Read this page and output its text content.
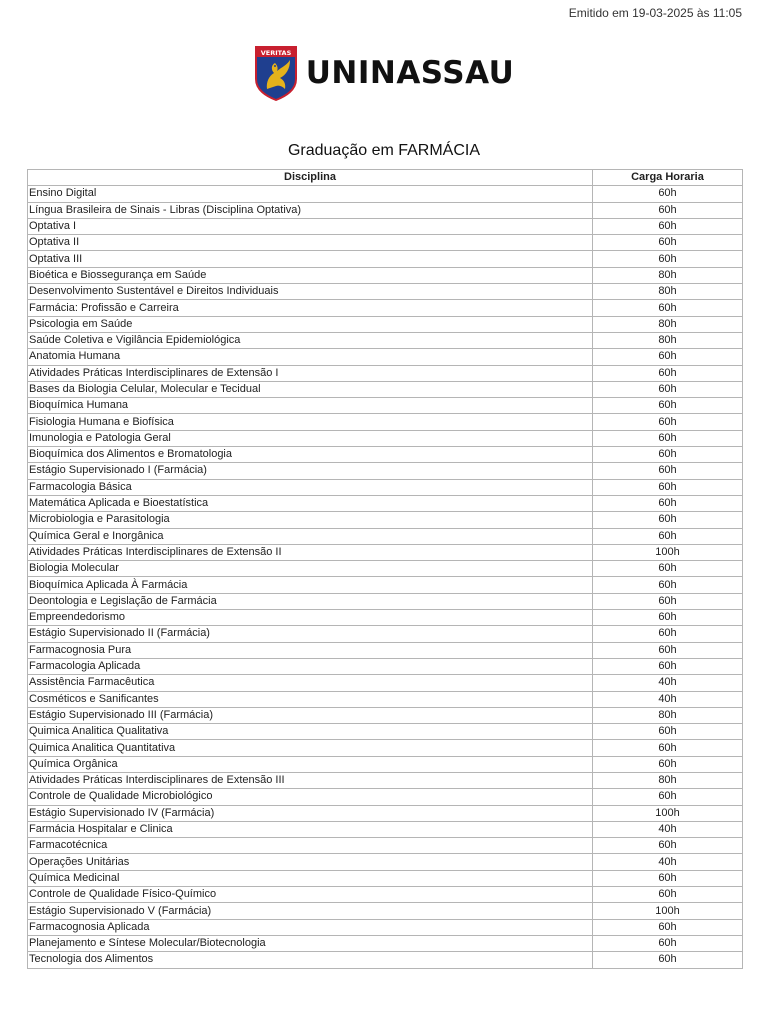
Emitido em 19-03-2025 às 11:05
VERITAS
UNINASSAU
Graduação em FARMÁCIA
Disciplina	Carga Horaria
Ensino Digital	60h
Língua Brasileira de Sinais - Libras (Disciplina Optativa)	60h
Optativa I	60h
Optativa II	60h
Optativa III	60h
Bioética e Biossegurança em Saúde	80h
Desenvolvimento Sustentável e Direitos Individuais	80h
Farmácia: Profissão e Carreira	60h
Psicologia em Saúde	80h
Saúde Coletiva e Vigilância Epidemiológica	80h
Anatomia Humana	60h
Atividades Práticas Interdisciplinares de Extensão I	60h
Bases da Biologia Celular, Molecular e Tecidual	60h
Bioquímica Humana	60h
Fisiologia Humana e Biofísica	60h
Imunologia e Patologia Geral	60h
Bioquímica dos Alimentos e Bromatologia	60h
Estágio Supervisionado I (Farmácia)	60h
Farmacologia Básica	60h
Matemática Aplicada e Bioestatística	60h
Microbiologia e Parasitologia	60h
Química Geral e Inorgânica	60h
Atividades Práticas Interdisciplinares de Extensão II	100h
Biologia Molecular	60h
Bioquímica Aplicada À Farmácia	60h
Deontologia e Legislação de Farmácia	60h
Empreendedorismo	60h
Estágio Supervisionado II (Farmácia)	60h
Farmacognosia Pura	60h
Farmacologia Aplicada	60h
Assistência Farmacêutica	40h
Cosméticos e Sanificantes	40h
Estágio Supervisionado III (Farmácia)	80h
Quimica Analitica Qualitativa	60h
Quimica Analitica Quantitativa	60h
Química Orgânica	60h
Atividades Práticas Interdisciplinares de Extensão III	80h
Controle de Qualidade Microbiológico	60h
Estágio Supervisionado IV (Farmácia)	100h
Farmácia Hospitalar e Clinica	40h
Farmacotécnica	60h
Operações Unitárias	40h
Química Medicinal	60h
Controle de Qualidade Físico-Químico	60h
Estágio Supervisionado V (Farmácia)	100h
Farmacognosia Aplicada	60h
Planejamento e Síntese Molecular/Biotecnologia	60h
Tecnologia dos Alimentos	60h
